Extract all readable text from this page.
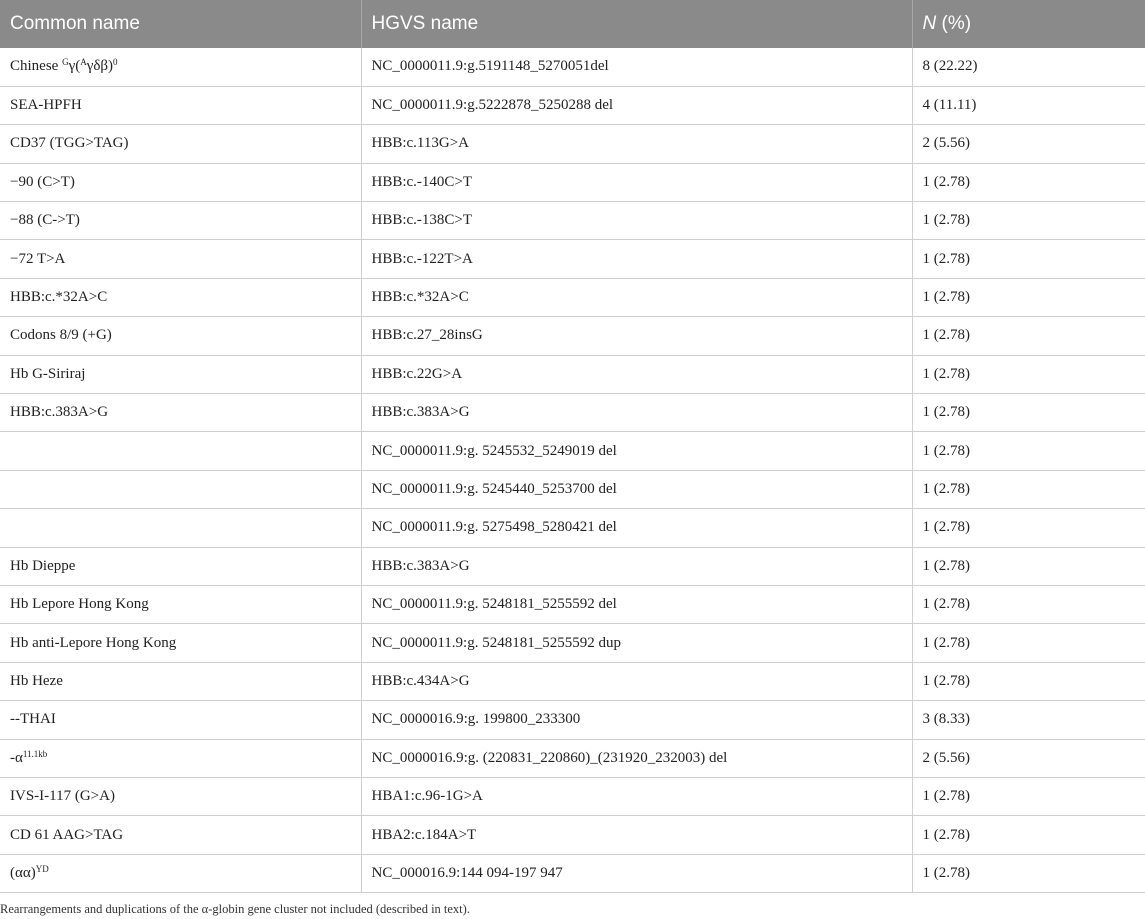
Common name	HGVS name	N (%)
Chinese $^G\gamma(^A\gamma\delta\beta)^0$	NC_0000011.9:g.5191148_5270051del	8 (22.22)
SEA-HPFH	NC_0000011.9:g.5222878_5250288 del	4 (11.11)
CD37 (TGG>TAG)	HBB:c.113G>A	2 (5.56)
−90 (C>T)	HBB:c.-140C>T	1 (2.78)
−88 (C->T)	HBB:c.-138C>T	1 (2.78)
−72 T>A	HBB:c.-122T>A	1 (2.78)
HBB:c.*32A>C	HBB:c.*32A>C	1 (2.78)
Codons 8/9 (+G)	HBB:c.27_28insG	1 (2.78)
Hb G-Siriraj	HBB:c.22G>A	1 (2.78)
HBB:c.383A>G	HBB:c.383A>G	1 (2.78)
	NC_0000011.9:g. 5245532_5249019 del	1 (2.78)
	NC_0000011.9:g. 5245440_5253700 del	1 (2.78)
	NC_0000011.9:g. 5275498_5280421 del	1 (2.78)
Hb Dieppe	HBB:c.383A>G	1 (2.78)
Hb Lepore Hong Kong	NC_0000011.9:g. 5248181_5255592 del	1 (2.78)
Hb anti-Lepore Hong Kong	NC_0000011.9:g. 5248181_5255592 dup	1 (2.78)
Hb Heze	HBB:c.434A>G	1 (2.78)
--THAI	NC_0000016.9:g. 199800_233300	3 (8.33)
$-\alpha^{11.1kb}$	NC_0000016.9:g. (220831_220860)_(231920_232003) del	2 (5.56)
IVS-I-117 (G>A)	HBA1:c.96-1G>A	1 (2.78)
CD 61 AAG>TAG	HBA2:c.184A>T	1 (2.78)
$(\alpha\alpha)^{YD}$	NC_000016.9:144 094-197 947	1 (2.78)
Rearrangements and duplications of the α-globin gene cluster not included (described in text).
